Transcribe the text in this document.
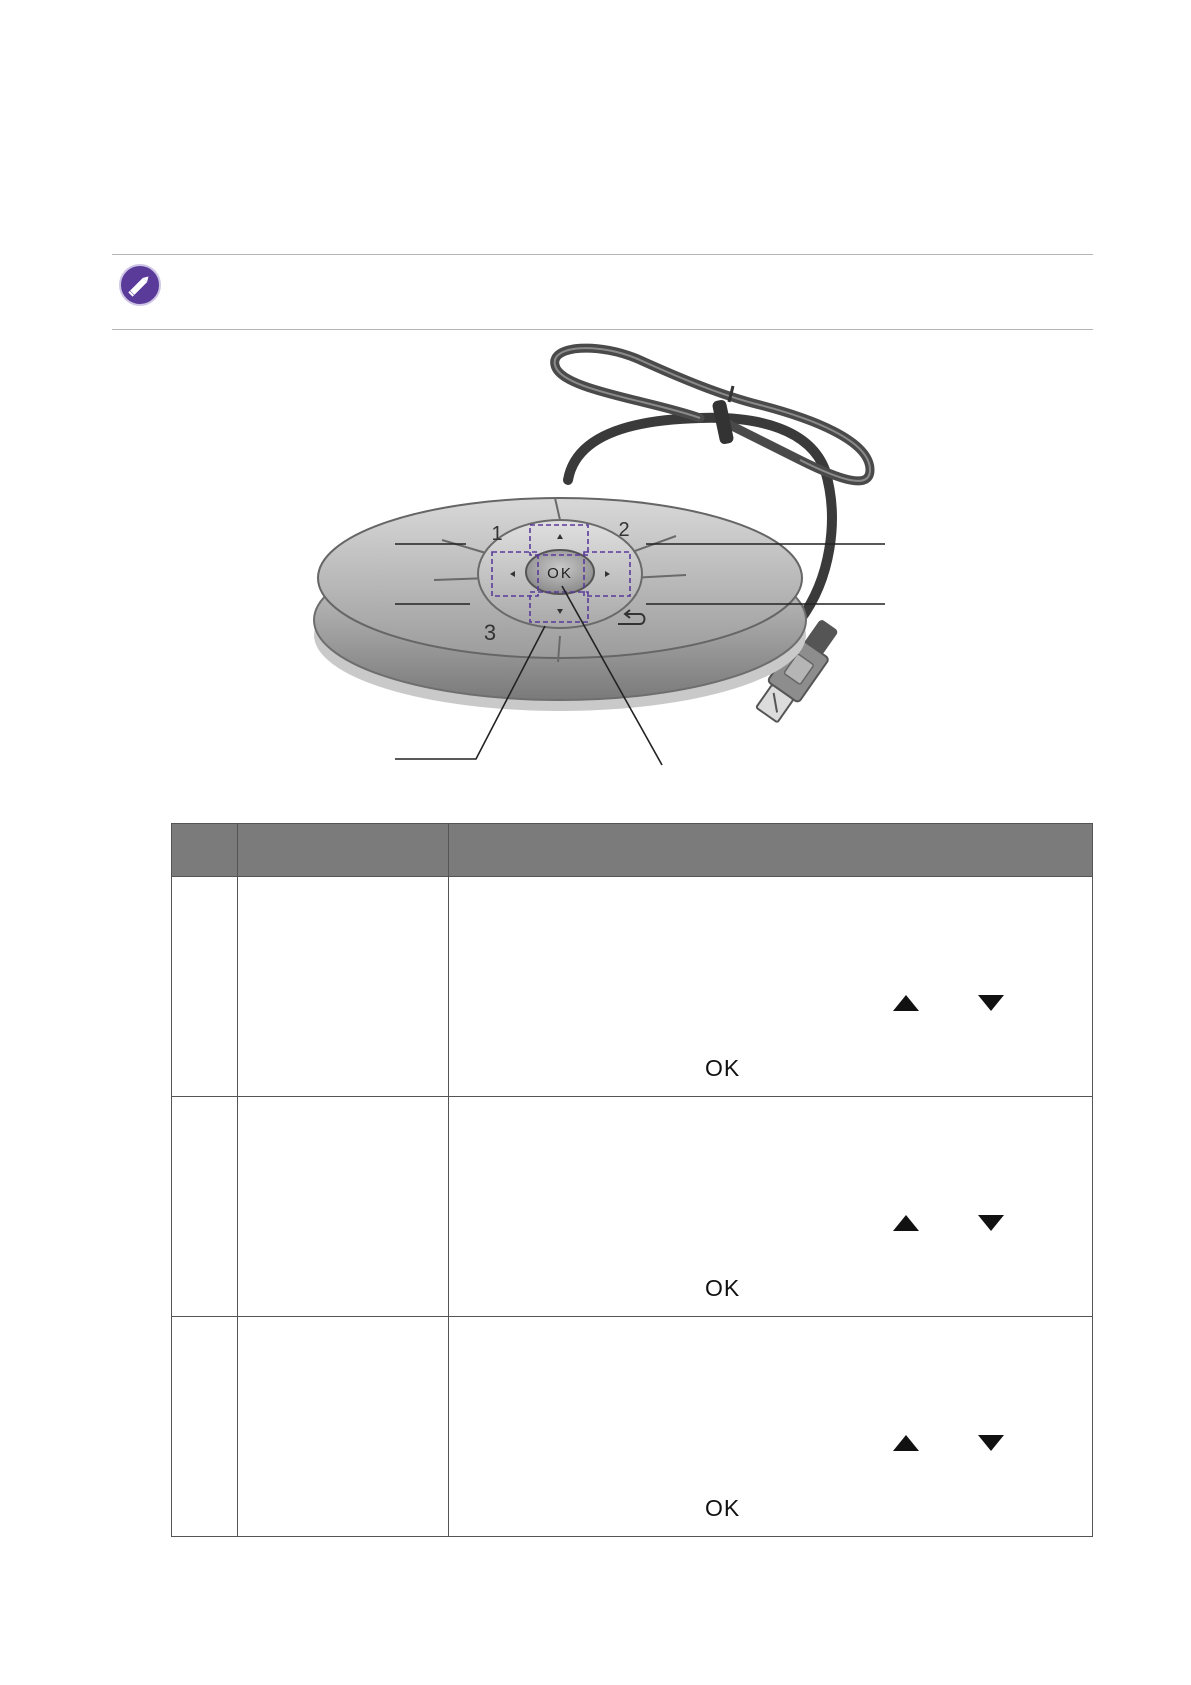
OK
1	2
3

		OK

		OK

		OK
